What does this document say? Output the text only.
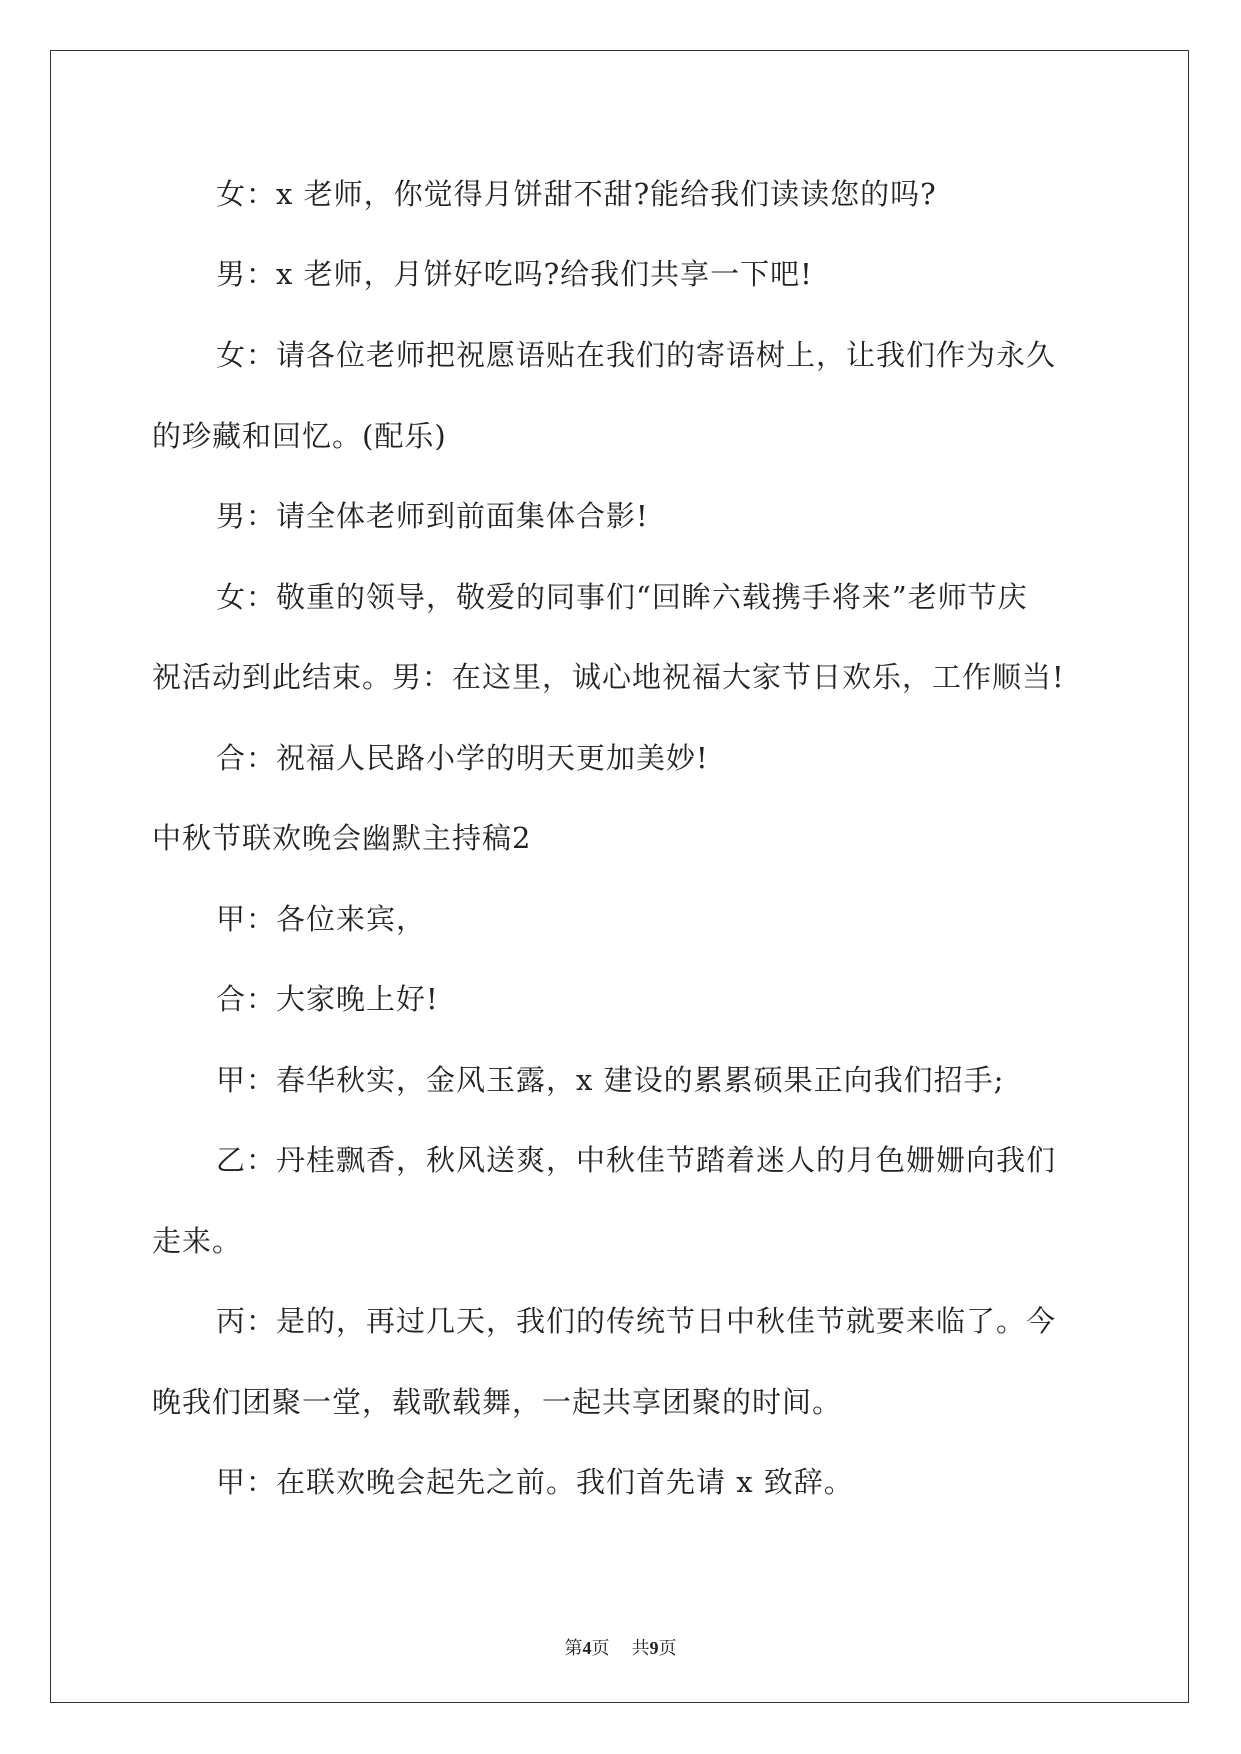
女：x 老师，你觉得月饼甜不甜?能给我们读读您的吗?
男：x 老师，月饼好吃吗?给我们共享一下吧!
女：请各位老师把祝愿语贴在我们的寄语树上，让我们作为永久
的珍藏和回忆。(配乐)
男：请全体老师到前面集体合影!
女：敬重的领导，敬爱的同事们“回眸六载携手将来”老师节庆
祝活动到此结束。男：在这里，诚心地祝福大家节日欢乐，工作顺当!
合：祝福人民路小学的明天更加美妙!
中秋节联欢晚会幽默主持稿2
甲：各位来宾，
合：大家晚上好!
甲：春华秋实，金风玉露，x 建设的累累硕果正向我们招手;
乙：丹桂飘香，秋风送爽，中秋佳节踏着迷人的月色姗姗向我们
走来。
丙：是的，再过几天，我们的传统节日中秋佳节就要来临了。今
晚我们团聚一堂，载歌载舞，一起共享团聚的时间。
甲：在联欢晚会起先之前。我们首先请 x 致辞。
第4页 共9页
